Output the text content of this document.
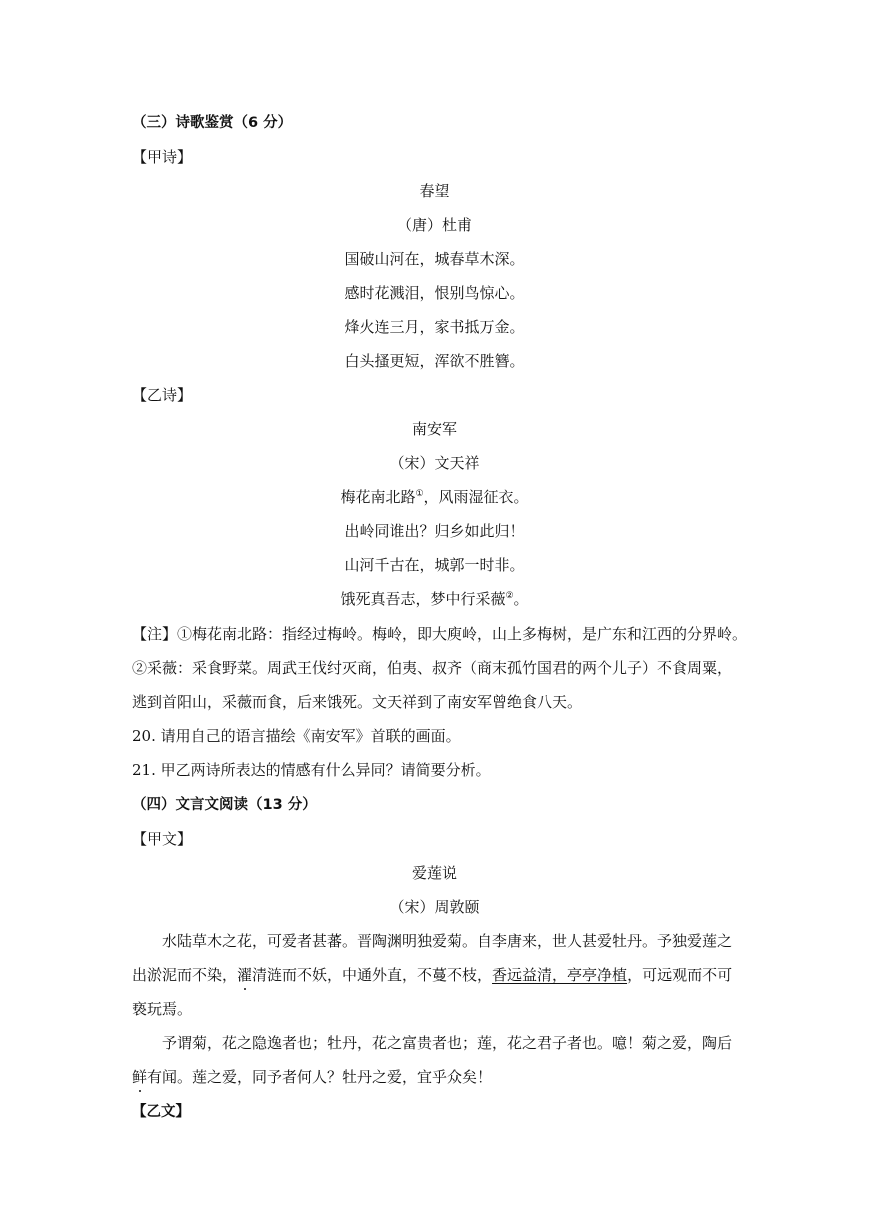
（三）诗歌鉴赏（6 分）
【甲诗】
春望
（唐）杜甫
国破山河在，城春草木深。
感时花溅泪，恨别鸟惊心。
烽火连三月，家书抵万金。
白头搔更短，浑欲不胜簪。
【乙诗】
南安军
（宋）文天祥
梅花南北路①，风雨湿征衣。
出岭同谁出？归乡如此归！
山河千古在，城郭一时非。
饿死真吾志，梦中行采薇②。
【注】①梅花南北路：指经过梅岭。梅岭，即大庾岭，山上多梅树，是广东和江西的分界岭。
②采薇：采食野菜。周武王伐纣灭商，伯夷、叔齐（商末孤竹国君的两个儿子）不食周粟，
逃到首阳山，采薇而食，后来饿死。文天祥到了南安军曾绝食八天。
20. 请用自己的语言描绘《南安军》首联的画面。
21. 甲乙两诗所表达的情感有什么异同？请简要分析。
（四）文言文阅读（13 分）
【甲文】
爱莲说
（宋）周敦颐
水陆草木之花，可爱者甚蕃。晋陶渊明独爱菊。自李唐来，世人甚爱牡丹。予独爱莲之
出淤泥而不染，濯清涟而不妖，中通外直，不蔓不枝，香远益清，亭亭净植，可远观而不可
亵玩焉。
予谓菊，花之隐逸者也；牡丹，花之富贵者也；莲，花之君子者也。噫！菊之爱，陶后
鲜有闻。莲之爱，同予者何人？牡丹之爱，宜乎众矣！
【乙文】
